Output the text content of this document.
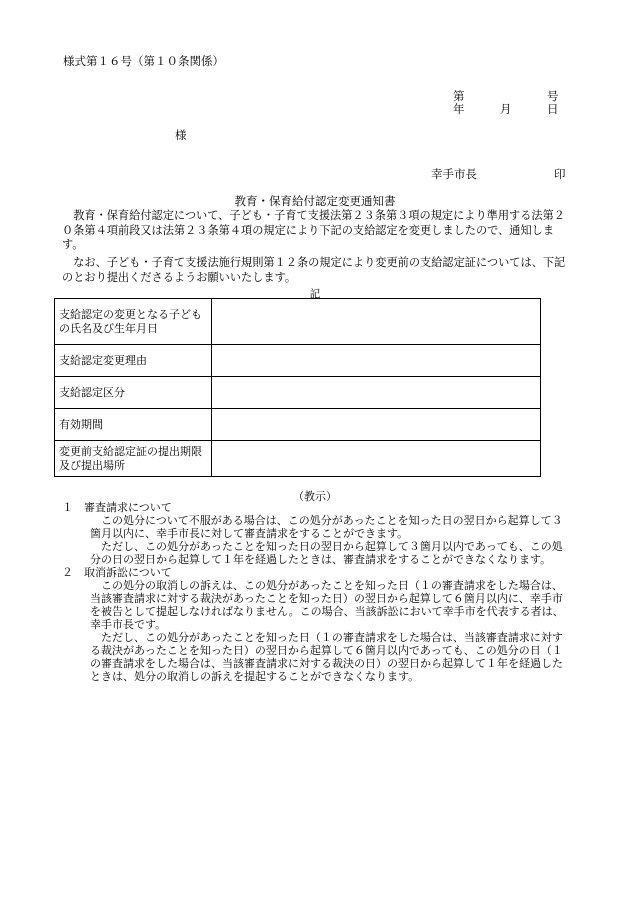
様式第１６号（第１０条関係）
第	号
年	月	日
様
幸手市長	印
教育・保育給付認定変更通知書

教育・保育給付認定について、子ども・子育て支援法第２３条第３項の規定により準用する法第２０条第４項前段又は法第２３条第４項の規定により下記の支給認定を変更しましたので、通知します。

なお、子ども・子育て支援法施行規則第１２条の規定により変更前の支給認定証については、下記のとおり提出くださるようお願いいたします。

記
支給認定の変更となる子どもの氏名及び生年月日	
支給認定変更理由	
支給認定区分	
有効期間	
変更前支給認定証の提出期限及び提出場所	
（教示）

１　審査請求について

この処分について不服がある場合は、この処分があったことを知った日の翌日から起算して３箇月以内に、幸手市長に対して審査請求をすることができます。

ただし、この処分があったことを知った日の翌日から起算して３箇月以内であっても、この処分の日の翌日から起算して１年を経過したときは、審査請求をすることができなくなります。

２　取消訴訟について

この処分の取消しの訴えは、この処分があったことを知った日（１の審査請求をした場合は、当該審査請求に対する裁決があったことを知った日）の翌日から起算して６箇月以内に、幸手市を被告として提起しなければなりません。この場合、当該訴訟において幸手市を代表する者は、幸手市長です。

ただし、この処分があったことを知った日（１の審査請求をした場合は、当該審査請求に対する裁決があったことを知った日）の翌日から起算して６箇月以内であっても、この処分の日（１の審査請求をした場合は、当該審査請求に対する裁決の日）の翌日から起算して１年を経過したときは、処分の取消しの訴えを提起することができなくなります。
